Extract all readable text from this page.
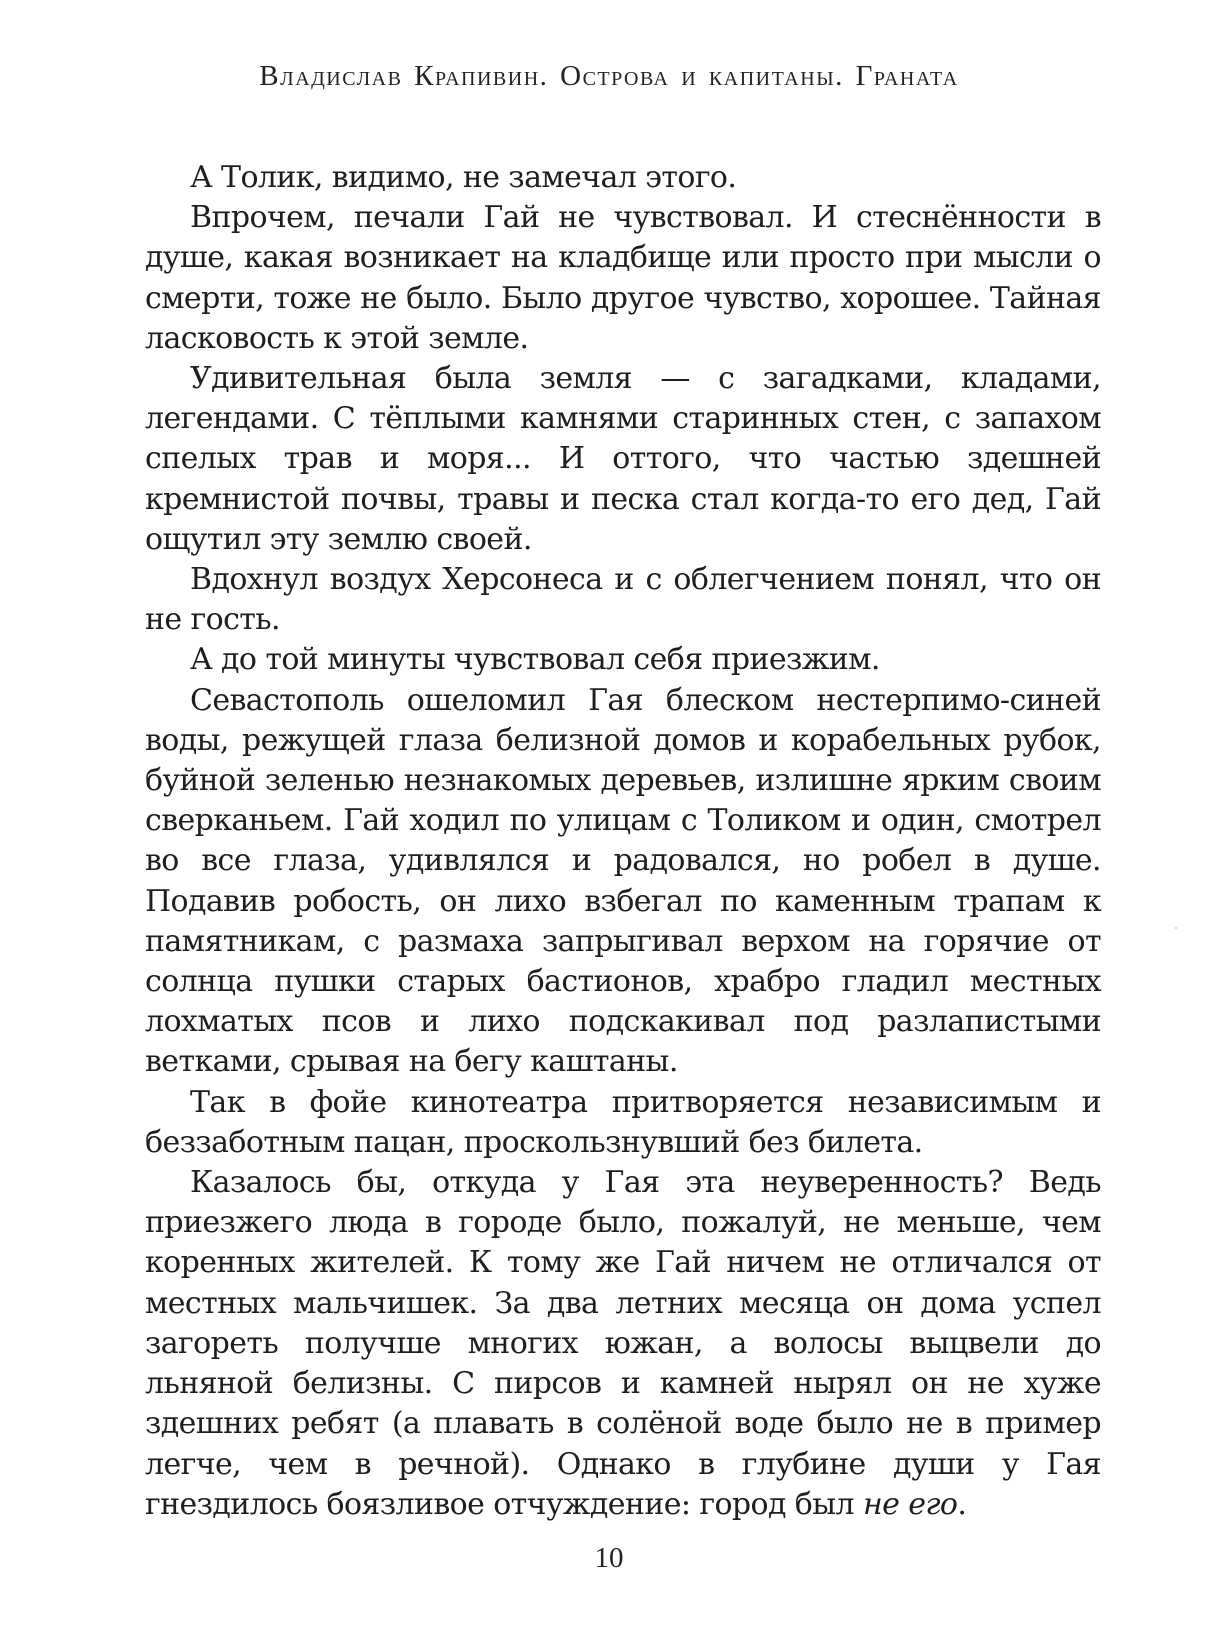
Владислав Крапивин. Острова и капитаны. Граната

А Толик, видимо, не замечал этого.

Впрочем, печали Гай не чувствовал. И стеснённости в душе, какая возникает на кладбище или просто при мысли о смерти, тоже не было. Было другое чувство, хорошее. Тайная ласковость к этой земле.

Удивительная была земля — с загадками, кладами, легендами. С тёплыми камнями старинных стен, с запахом спелых трав и моря... И оттого, что частью здешней кремнистой почвы, травы и песка стал когда-то его дед, Гай ощутил эту землю своей.

Вдохнул воздух Херсонеса и с облегчением понял, что он не гость.

А до той минуты чувствовал себя приезжим.

Севастополь ошеломил Гая блеском нестерпимо-синей воды, режущей глаза белизной домов и корабельных рубок, буйной зеленью незнакомых деревьев, излишне ярким своим сверканьем. Гай ходил по улицам с Толиком и один, смотрел во все глаза, удивлялся и радовался, но робел в душе. Подавив робость, он лихо взбегал по каменным трапам к памятникам, с размаха запрыгивал верхом на горячие от солнца пушки старых бастионов, храбро гладил местных лохматых псов и лихо подскакивал под разлапистыми ветками, срывая на бегу каштаны.

Так в фойе кинотеатра притворяется независимым и беззаботным пацан, проскользнувший без билета.

Казалось бы, откуда у Гая эта неуверенность? Ведь приезжего люда в городе было, пожалуй, не меньше, чем коренных жителей. К тому же Гай ничем не отличался от местных мальчишек. За два летних месяца он дома успел загореть получше многих южан, а волосы выцвели до льняной белизны. С пирсов и камней нырял он не хуже здешних ребят (а плавать в солёной воде было не в пример легче, чем в речной). Однако в глубине души у Гая гнездилось боязливое отчуждение: город был не его.

10
